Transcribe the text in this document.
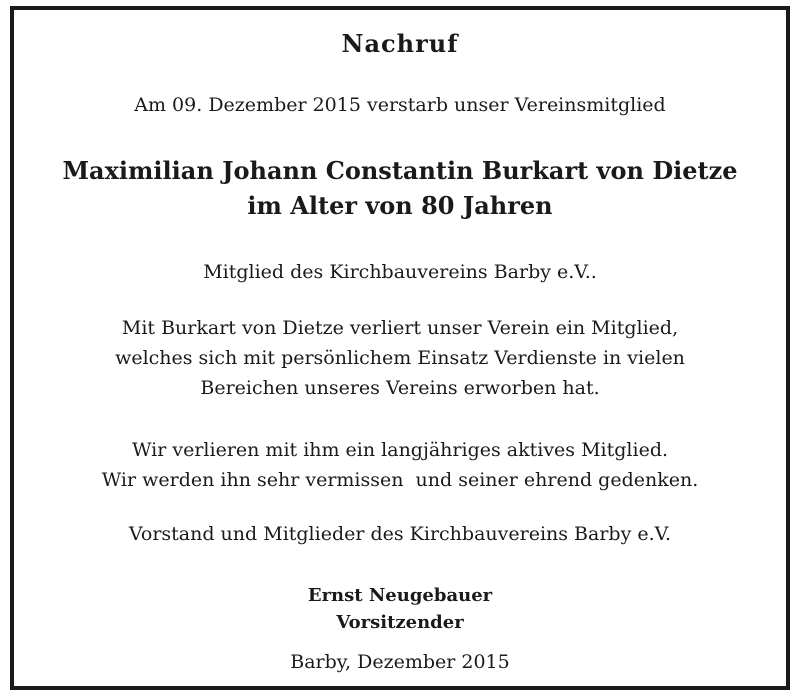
Nachruf

Am 09. Dezember 2015 verstarb unser Vereinsmitglied

Maximilian Johann Constantin Burkart von Dietze
im Alter von 80 Jahren

Mitglied des Kirchbauvereins Barby e.V..

Mit Burkart von Dietze verliert unser Verein ein Mitglied,
welches sich mit persönlichem Einsatz Verdienste in vielen
Bereichen unseres Vereins erworben hat.
Wir verlieren mit ihm ein langjähriges aktives Mitglied.
Wir werden ihn sehr vermissen  und seiner ehrend gedenken.

Vorstand und Mitglieder des Kirchbauvereins Barby e.V.

Ernst Neugebauer
Vorsitzender

Barby, Dezember 2015
